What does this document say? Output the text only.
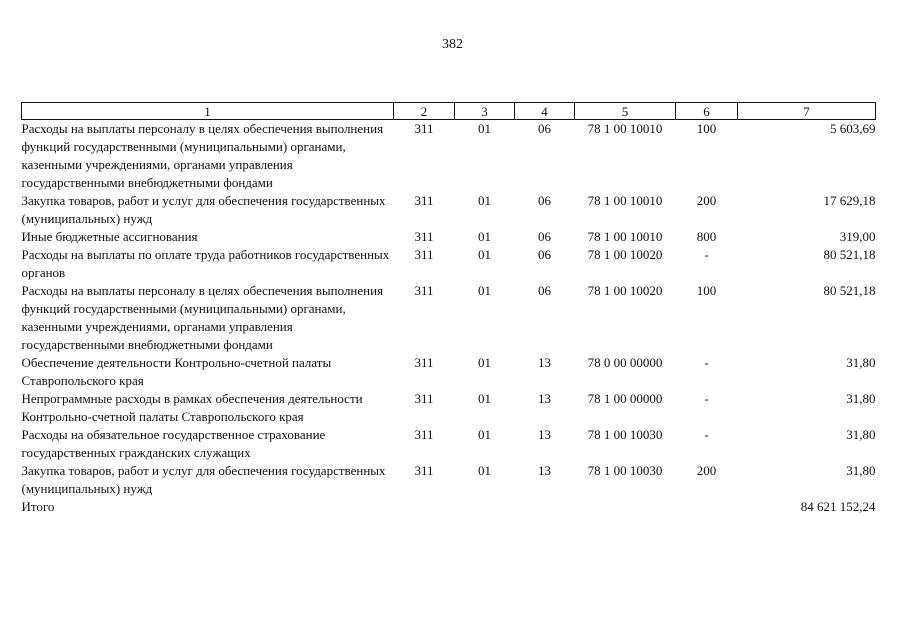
382
1	2	3	4	5	6	7
Расходы на выплаты персоналу в целях обеспечения выполнения функций государственными (муниципальными) органами, казенными учреждениями, органами управления государственными внебюджетными фондами	311	01	06	78 1 00 10010	100	5 603,69
Закупка товаров, работ и услуг для обеспечения государственных (муниципальных) нужд	311	01	06	78 1 00 10010	200	17 629,18
Иные бюджетные ассигнования	311	01	06	78 1 00 10010	800	319,00
Расходы на выплаты по оплате труда работников государственных органов	311	01	06	78 1 00 10020	-	80 521,18
Расходы на выплаты персоналу в целях обеспечения выполнения функций государственными (муниципальными) органами, казенными учреждениями, органами управления государственными внебюджетными фондами	311	01	06	78 1 00 10020	100	80 521,18
Обеспечение деятельности Контрольно-счетной палаты Ставропольского края	311	01	13	78 0 00 00000	-	31,80
Непрограммные расходы в рамках обеспечения деятельности Контрольно-счетной палаты Ставропольского края	311	01	13	78 1 00 00000	-	31,80
Расходы на обязательное государственное страхование государственных гражданских служащих	311	01	13	78 1 00 10030	-	31,80
Закупка товаров, работ и услуг для обеспечения государственных (муниципальных) нужд	311	01	13	78 1 00 10030	200	31,80
Итого						84 621 152,24
